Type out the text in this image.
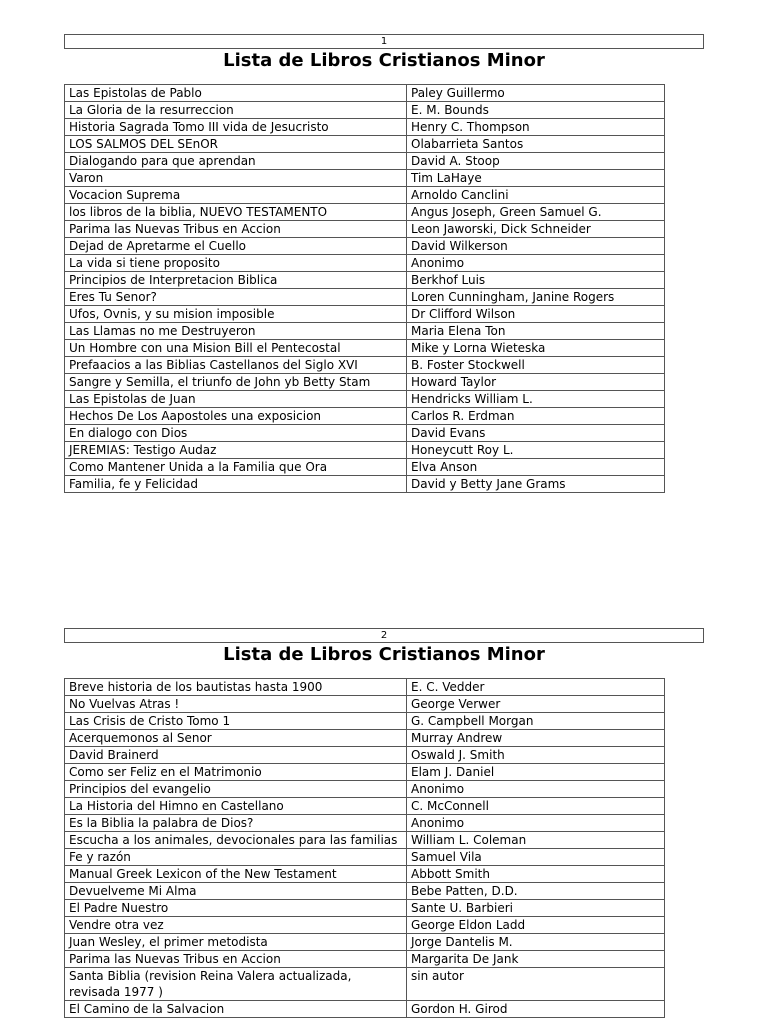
1
Lista de Libros Cristianos Minor
Las Epistolas de Pablo	Paley Guillermo
La Gloria de la resurreccion	E. M. Bounds
Historia Sagrada Tomo III vida de Jesucristo	Henry C. Thompson
LOS SALMOS DEL SEnOR	Olabarrieta Santos
Dialogando para que aprendan	David A. Stoop
Varon	Tim LaHaye
Vocacion Suprema	Arnoldo Canclini
los libros de la biblia, NUEVO TESTAMENTO	Angus Joseph, Green Samuel G.
Parima las Nuevas Tribus en Accion	Leon Jaworski, Dick Schneider
Dejad de Apretarme el Cuello	David Wilkerson
La vida si tiene proposito	Anonimo
Principios de Interpretacion Biblica	Berkhof Luis
Eres Tu Senor?	Loren Cunningham, Janine Rogers
Ufos, Ovnis, y su mision imposible	Dr Clifford Wilson
Las Llamas no me Destruyeron	Maria Elena Ton
Un Hombre con una Mision Bill el Pentecostal	Mike y Lorna Wieteska
Prefaacios a las Biblias Castellanos del Siglo XVI	B. Foster Stockwell
Sangre y Semilla, el triunfo de John yb Betty Stam	Howard Taylor
Las Epistolas de Juan	Hendricks William L.
Hechos De Los Aapostoles una exposicion	Carlos R. Erdman
En dialogo con Dios	David Evans
JEREMIAS: Testigo Audaz	Honeycutt Roy L.
Como Mantener Unida a la Familia que Ora	Elva Anson
Familia, fe y Felicidad	David y Betty Jane Grams
2
Lista de Libros Cristianos Minor
Breve historia de los bautistas hasta 1900	E. C. Vedder
No Vuelvas Atras !	George Verwer
Las Crisis de Cristo Tomo 1	G. Campbell Morgan
Acerquemonos al Senor	Murray Andrew
David Brainerd	Oswald J. Smith
Como ser Feliz en el Matrimonio	Elam J. Daniel
Principios del evangelio	Anonimo
La Historia del Himno en Castellano	C. McConnell
Es la Biblia la palabra de Dios?	Anonimo
Escucha a los animales, devocionales para las familias	William L. Coleman
Fe y razón	Samuel Vila
Manual Greek Lexicon of the New Testament	Abbott Smith
Devuelveme Mi Alma	Bebe Patten, D.D.
El Padre Nuestro	Sante U. Barbieri
Vendre otra vez	George Eldon Ladd
Juan Wesley, el primer metodista	Jorge Dantelis M.
Parima las Nuevas Tribus en Accion	Margarita De Jank
Santa Biblia (revision Reina Valera actualizada, revisada 1977 )	sin autor
El Camino de la Salvacion	Gordon H. Girod
